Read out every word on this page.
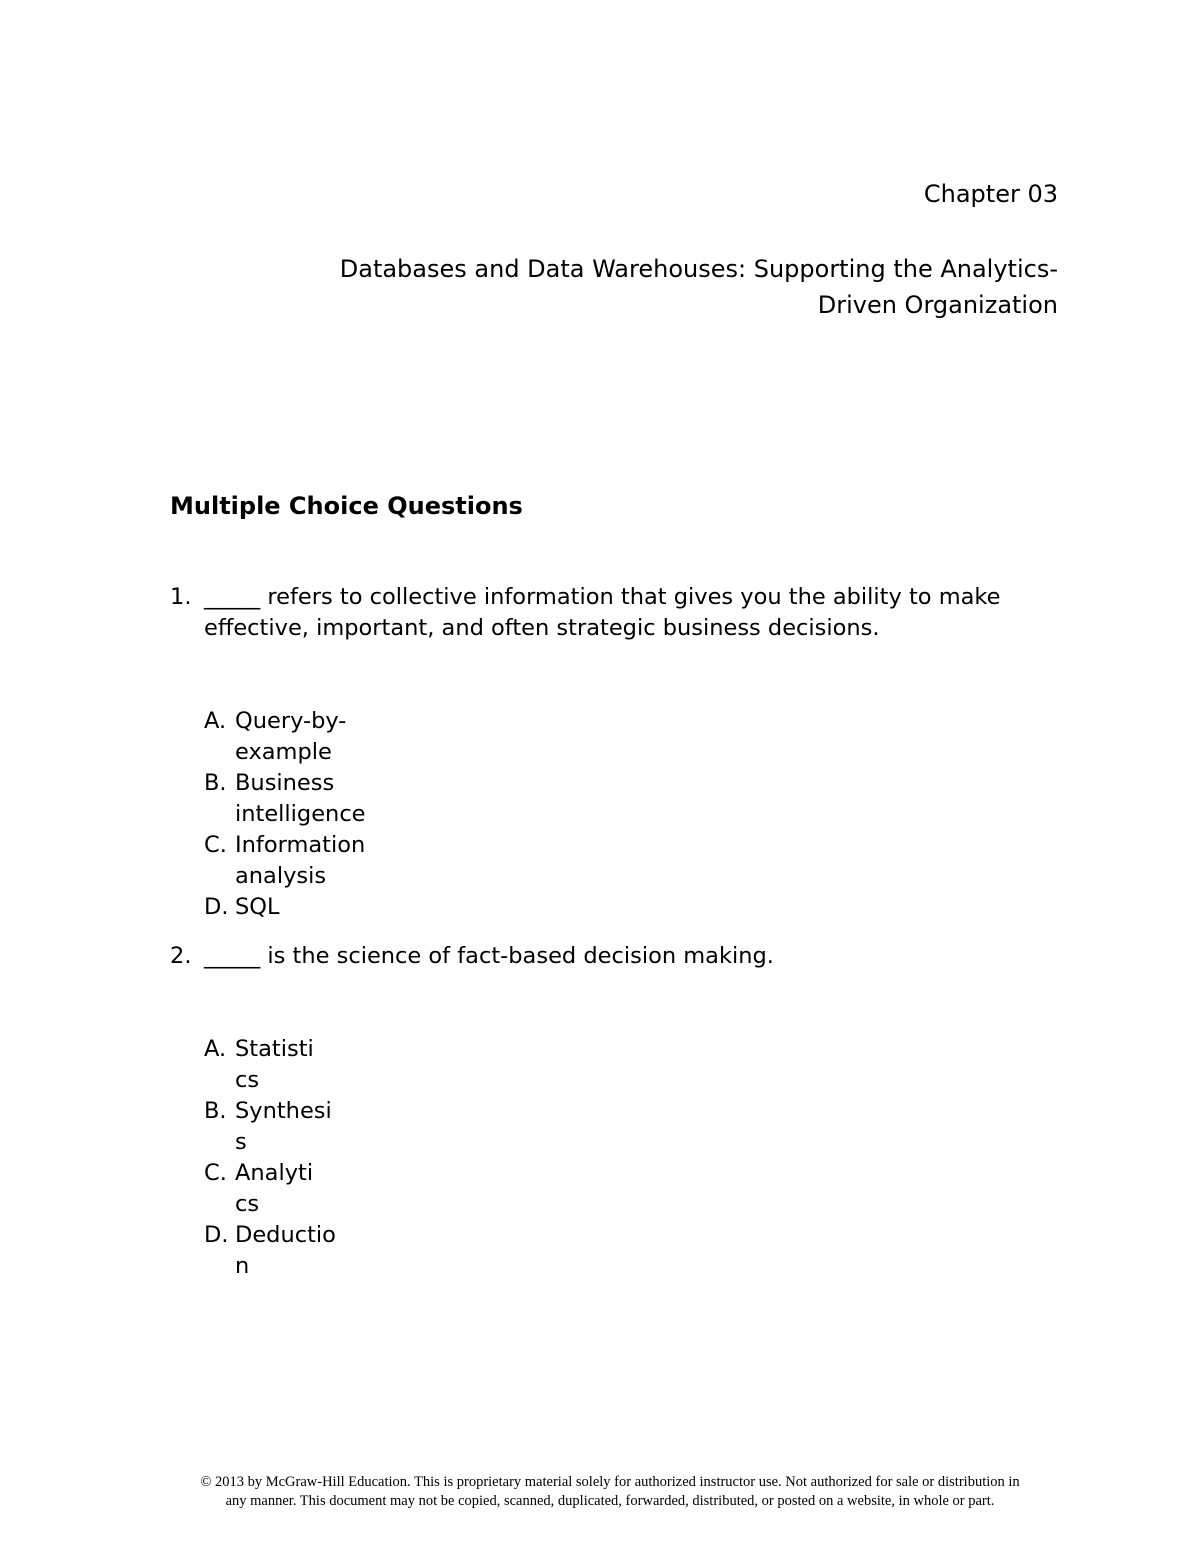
Chapter 03
Databases and Data Warehouses: Supporting the Analytics-
Driven Organization
Multiple Choice Questions
1. _____ refers to collective information that gives you the ability to make
effective, important, and often strategic business decisions.
A. Query-by-
example
B. Business
intelligence
C. Information
analysis
D. SQL
2. _____ is the science of fact-based decision making.
A. Statisti
cs
B. Synthesi
s
C. Analyti
cs
D. Deductio
n
© 2013 by McGraw-Hill Education. This is proprietary material solely for authorized instructor use. Not authorized for sale or distribution in
any manner. This document may not be copied, scanned, duplicated, forwarded, distributed, or posted on a website, in whole or part.
